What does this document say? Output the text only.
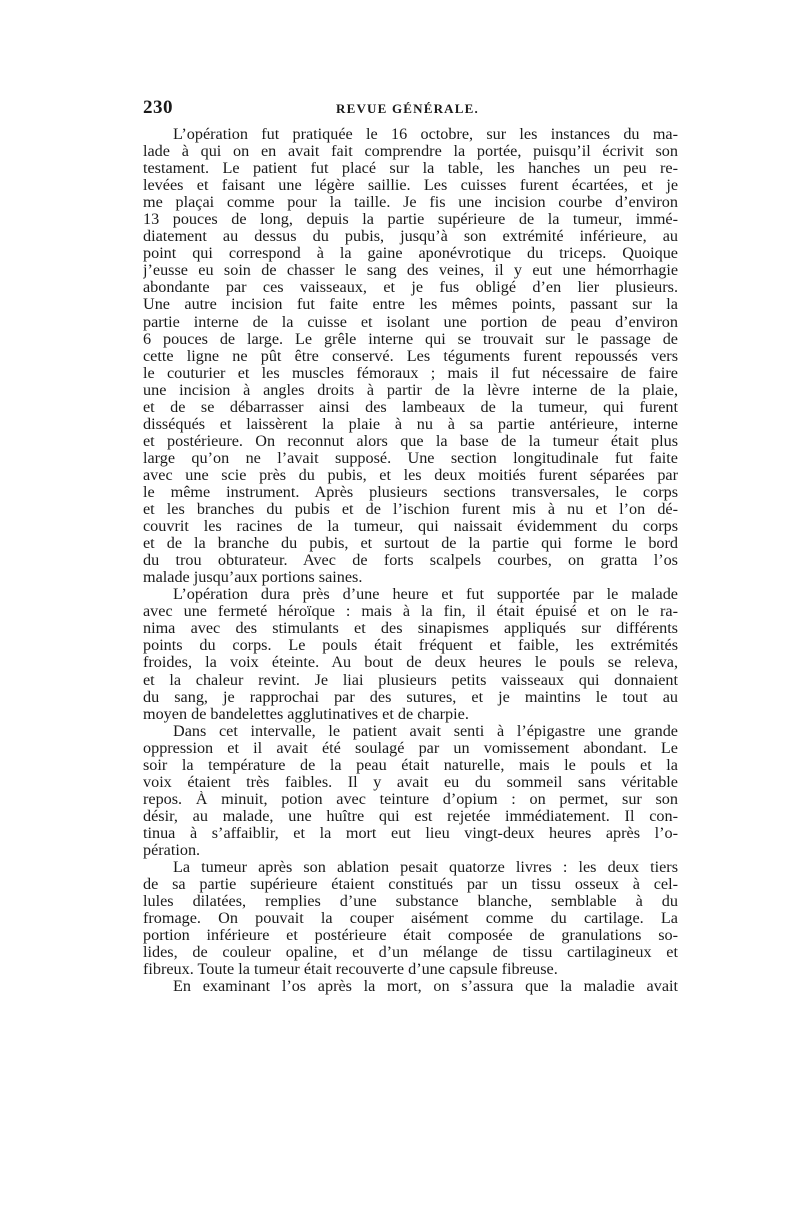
230	REVUE GÉNÉRALE.
L’opération fut pratiquée le 16 octobre, sur les instances du ma-
lade à qui on en avait fait comprendre la portée, puisqu’il écrivit son
testament. Le patient fut placé sur la table, les hanches un peu re-
levées et faisant une légère saillie. Les cuisses furent écartées, et je
me plaçai comme pour la taille. Je fis une incision courbe d’environ
13 pouces de long, depuis la partie supérieure de la tumeur, immé-
diatement au dessus du pubis, jusqu’à son extrémité inférieure, au
point qui correspond à la gaine aponévrotique du triceps. Quoique
j’eusse eu soin de chasser le sang des veines, il y eut une hémorrhagie
abondante par ces vaisseaux, et je fus obligé d’en lier plusieurs.
Une autre incision fut faite entre les mêmes points, passant sur la
partie interne de la cuisse et isolant une portion de peau d’environ
6 pouces de large. Le grêle interne qui se trouvait sur le passage de
cette ligne ne pût être conservé. Les téguments furent repoussés vers
le couturier et les muscles fémoraux ; mais il fut nécessaire de faire
une incision à angles droits à partir de la lèvre interne de la plaie,
et de se débarrasser ainsi des lambeaux de la tumeur, qui furent
disséqués et laissèrent la plaie à nu à sa partie antérieure, interne
et postérieure. On reconnut alors que la base de la tumeur était plus
large qu’on ne l’avait supposé. Une section longitudinale fut faite
avec une scie près du pubis, et les deux moitiés furent séparées par
le même instrument. Après plusieurs sections transversales, le corps
et les branches du pubis et de l’ischion furent mis à nu et l’on dé-
couvrit les racines de la tumeur, qui naissait évidemment du corps
et de la branche du pubis, et surtout de la partie qui forme le bord
du trou obturateur. Avec de forts scalpels courbes, on gratta l’os
malade jusqu’aux portions saines.
L’opération dura près d’une heure et fut supportée par le malade
avec une fermeté héroïque : mais à la fin, il était épuisé et on le ra-
nima avec des stimulants et des sinapismes appliqués sur différents
points du corps. Le pouls était fréquent et faible, les extrémités
froides, la voix éteinte. Au bout de deux heures le pouls se releva,
et la chaleur revint. Je liai plusieurs petits vaisseaux qui donnaient
du sang, je rapprochai par des sutures, et je maintins le tout au
moyen de bandelettes agglutinatives et de charpie.
Dans cet intervalle, le patient avait senti à l’épigastre une grande
oppression et il avait été soulagé par un vomissement abondant. Le
soir la température de la peau était naturelle, mais le pouls et la
voix étaient très faibles. Il y avait eu du sommeil sans véritable
repos. À minuit, potion avec teinture d’opium : on permet, sur son
désir, au malade, une huître qui est rejetée immédiatement. Il con-
tinua à s’affaiblir, et la mort eut lieu vingt-deux heures après l’o-
pération.
La tumeur après son ablation pesait quatorze livres : les deux tiers
de sa partie supérieure étaient constitués par un tissu osseux à cel-
lules dilatées, remplies d’une substance blanche, semblable à du
fromage. On pouvait la couper aisément comme du cartilage. La
portion inférieure et postérieure était composée de granulations so-
lides, de couleur opaline, et d’un mélange de tissu cartilagineux et
fibreux. Toute la tumeur était recouverte d’une capsule fibreuse.
En examinant l’os après la mort, on s’assura que la maladie avait
